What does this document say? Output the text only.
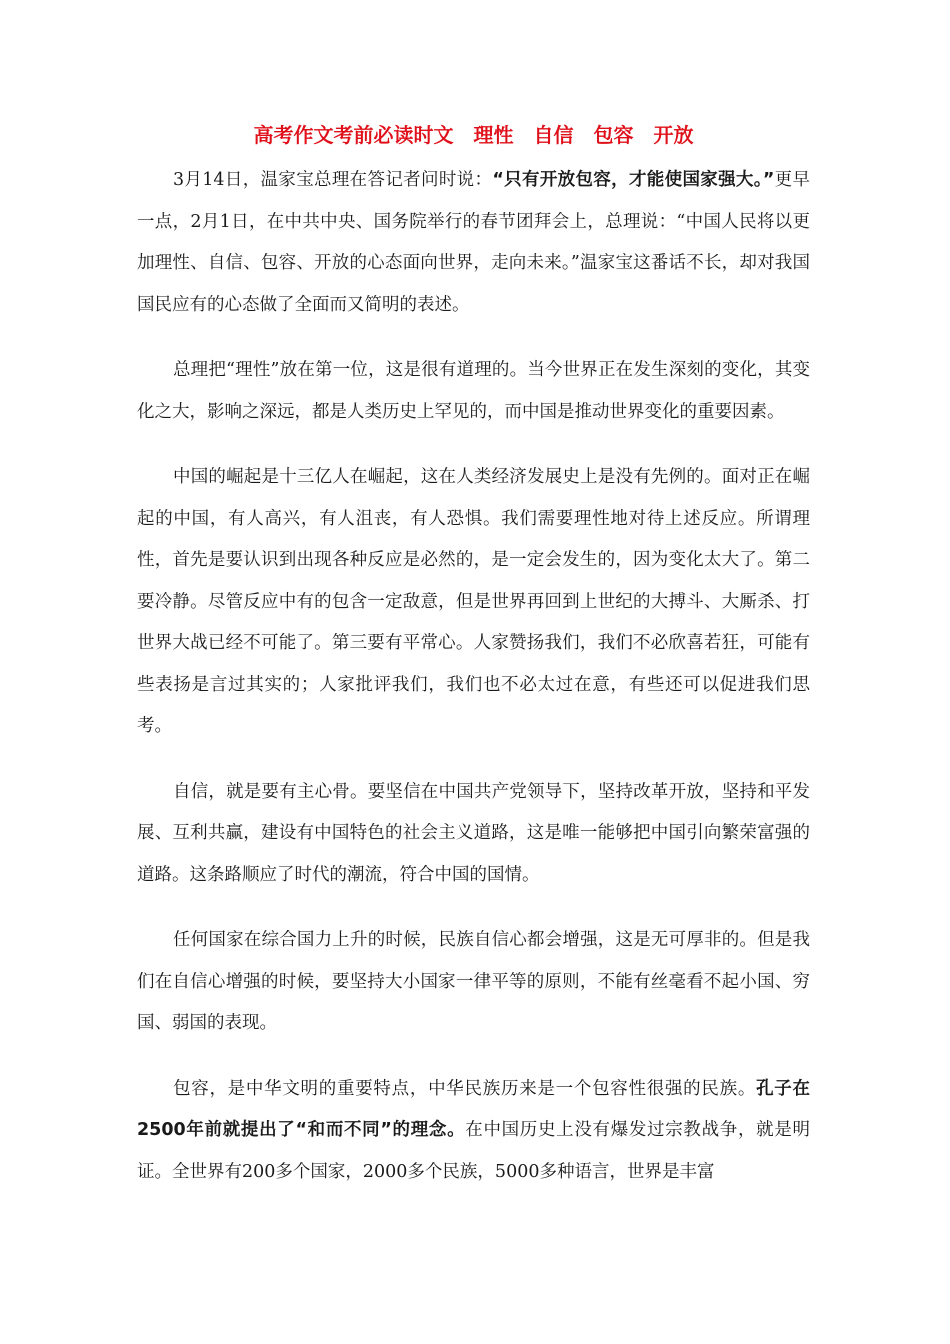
高考作文考前必读时文　理性　自信　包容　开放

3月14日，温家宝总理在答记者问时说：“只有开放包容，才能使国家强大。”更早一点，2月1日，在中共中央、国务院举行的春节团拜会上，总理说：“中国人民将以更加理性、自信、包容、开放的心态面向世界，走向未来。”温家宝这番话不长，却对我国国民应有的心态做了全面而又简明的表述。

总理把“理性”放在第一位，这是很有道理的。当今世界正在发生深刻的变化，其变化之大，影响之深远，都是人类历史上罕见的，而中国是推动世界变化的重要因素。

中国的崛起是十三亿人在崛起，这在人类经济发展史上是没有先例的。面对正在崛起的中国，有人高兴，有人沮丧，有人恐惧。我们需要理性地对待上述反应。所谓理性，首先是要认识到出现各种反应是必然的，是一定会发生的，因为变化太大了。第二要冷静。尽管反应中有的包含一定敌意，但是世界再回到上世纪的大搏斗、大厮杀、打世界大战已经不可能了。第三要有平常心。人家赞扬我们，我们不必欣喜若狂，可能有些表扬是言过其实的；人家批评我们，我们也不必太过在意，有些还可以促进我们思考。

自信，就是要有主心骨。要坚信在中国共产党领导下，坚持改革开放，坚持和平发展、互利共赢，建设有中国特色的社会主义道路，这是唯一能够把中国引向繁荣富强的道路。这条路顺应了时代的潮流，符合中国的国情。

任何国家在综合国力上升的时候，民族自信心都会增强，这是无可厚非的。但是我们在自信心增强的时候，要坚持大小国家一律平等的原则，不能有丝毫看不起小国、穷国、弱国的表现。

包容，是中华文明的重要特点，中华民族历来是一个包容性很强的民族。孔子在2500年前就提出了“和而不同”的理念。在中国历史上没有爆发过宗教战争，就是明证。全世界有200多个国家，2000多个民族，5000多种语言，世界是丰富
